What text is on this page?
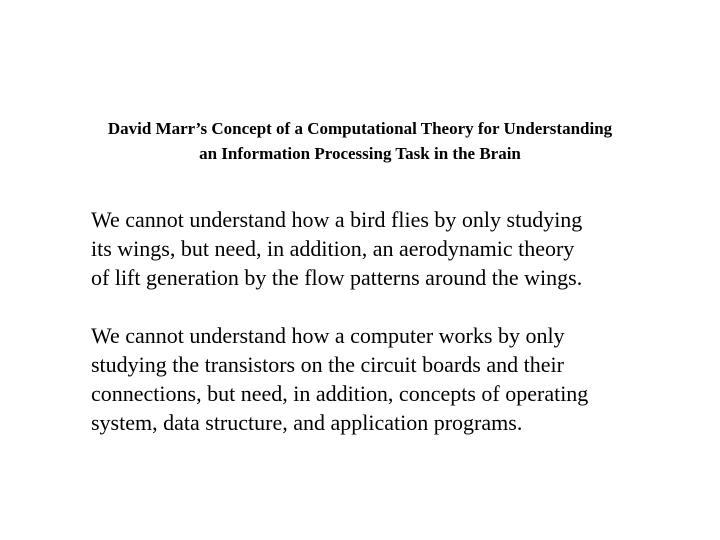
David Marr’s Concept of a Computational Theory for Understanding
an Information Processing Task in the Brain

We cannot understand how a bird flies by only studying
its wings, but need, in addition, an aerodynamic theory
of lift generation by the flow patterns around the wings.

We cannot understand how a computer works by only
studying the transistors on the circuit boards and their
connections, but need, in addition, concepts of operating
system, data structure, and application programs.
